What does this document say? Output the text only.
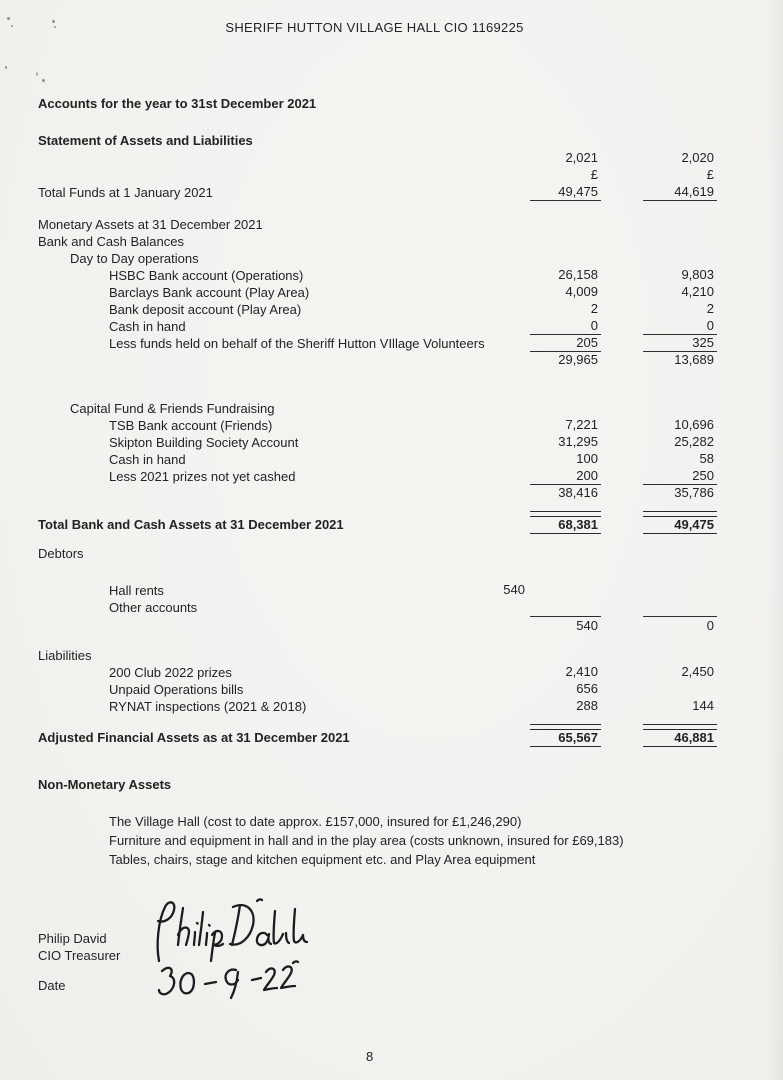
SHERIFF HUTTON VILLAGE HALL CIO 1169225
Accounts for the year to 31st December 2021
Statement of Assets and Liabilities
2,021	2,020
£	£
Total Funds at 1 January 2021	49,475	44,619
Monetary Assets at 31 December 2021
Bank and Cash Balances
Day to Day operations
HSBC Bank account (Operations)	26,158	9,803
Barclays Bank account (Play Area)	4,009	4,210
Bank deposit account (Play Area)	2	2
Cash in hand	0	0
Less funds held on behalf of the Sheriff Hutton VIllage Volunteers	205	325
29,965	13,689
Capital Fund & Friends Fundraising
TSB Bank account (Friends)	7,221	10,696
Skipton Building Society Account	31,295	25,282
Cash in hand	100	58
Less 2021 prizes not yet cashed	200	250
38,416	35,786
Total Bank and Cash Assets at 31 December 2021	68,381	49,475
Debtors
Hall rents	540
Other accounts
540	0
Liabilities
200 Club 2022 prizes	2,410	2,450
Unpaid Operations bills	656
RYNAT inspections (2021 & 2018)	288	144
Adjusted Financial Assets as at 31 December 2021	65,567	46,881
Non-Monetary Assets
The Village Hall (cost to date approx. £157,000, insured for £1,246,290)
Furniture and equipment in hall and in the play area (costs unknown, insured for £69,183)
Tables, chairs, stage and kitchen equipment etc. and Play Area equipment
Philip David
CIO Treasurer
Date
8
